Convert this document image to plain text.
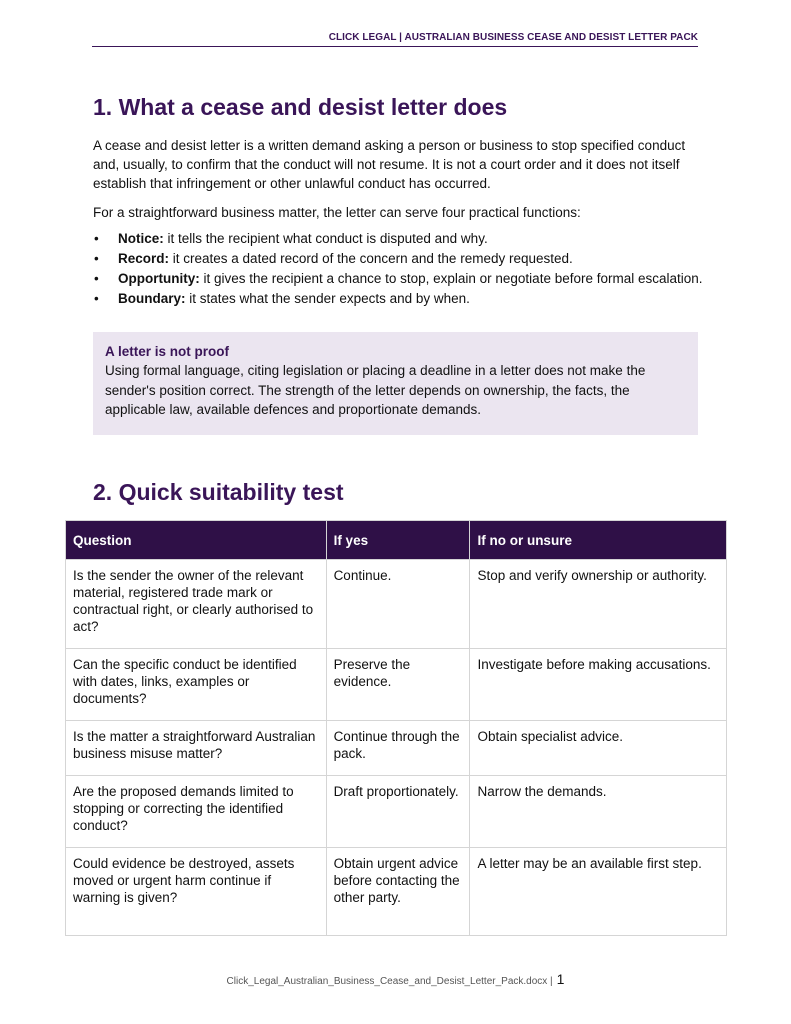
CLICK LEGAL | AUSTRALIAN BUSINESS CEASE AND DESIST LETTER PACK
1. What a cease and desist letter does

A cease and desist letter is a written demand asking a person or business to stop specified conduct and, usually, to confirm that the conduct will not resume. It is not a court order and it does not itself establish that infringement or other unlawful conduct has occurred.

For a straightforward business matter, the letter can serve four practical functions:

• Notice: it tells the recipient what conduct is disputed and why.
• Record: it creates a dated record of the concern and the remedy requested.
• Opportunity: it gives the recipient a chance to stop, explain or negotiate before formal escalation.
• Boundary: it states what the sender expects and by when.
A letter is not proof
Using formal language, citing legislation or placing a deadline in a letter does not make the sender's position correct. The strength of the letter depends on ownership, the facts, the applicable law, available defences and proportionate demands.
2. Quick suitability test
Question	If yes	If no or unsure
Is the sender the owner of the relevant material, registered trade mark or contractual right, or clearly authorised to act?	Continue.	Stop and verify ownership or authority.
Can the specific conduct be identified with dates, links, examples or documents?	Preserve the evidence.	Investigate before making accusations.
Is the matter a straightforward Australian business misuse matter?	Continue through the pack.	Obtain specialist advice.
Are the proposed demands limited to stopping or correcting the identified conduct?	Draft proportionately.	Narrow the demands.
Could evidence be destroyed, assets moved or urgent harm continue if warning is given?	Obtain urgent advice before contacting the other party.	A letter may be an available first step.
Click_Legal_Australian_Business_Cease_and_Desist_Letter_Pack.docx | 1
